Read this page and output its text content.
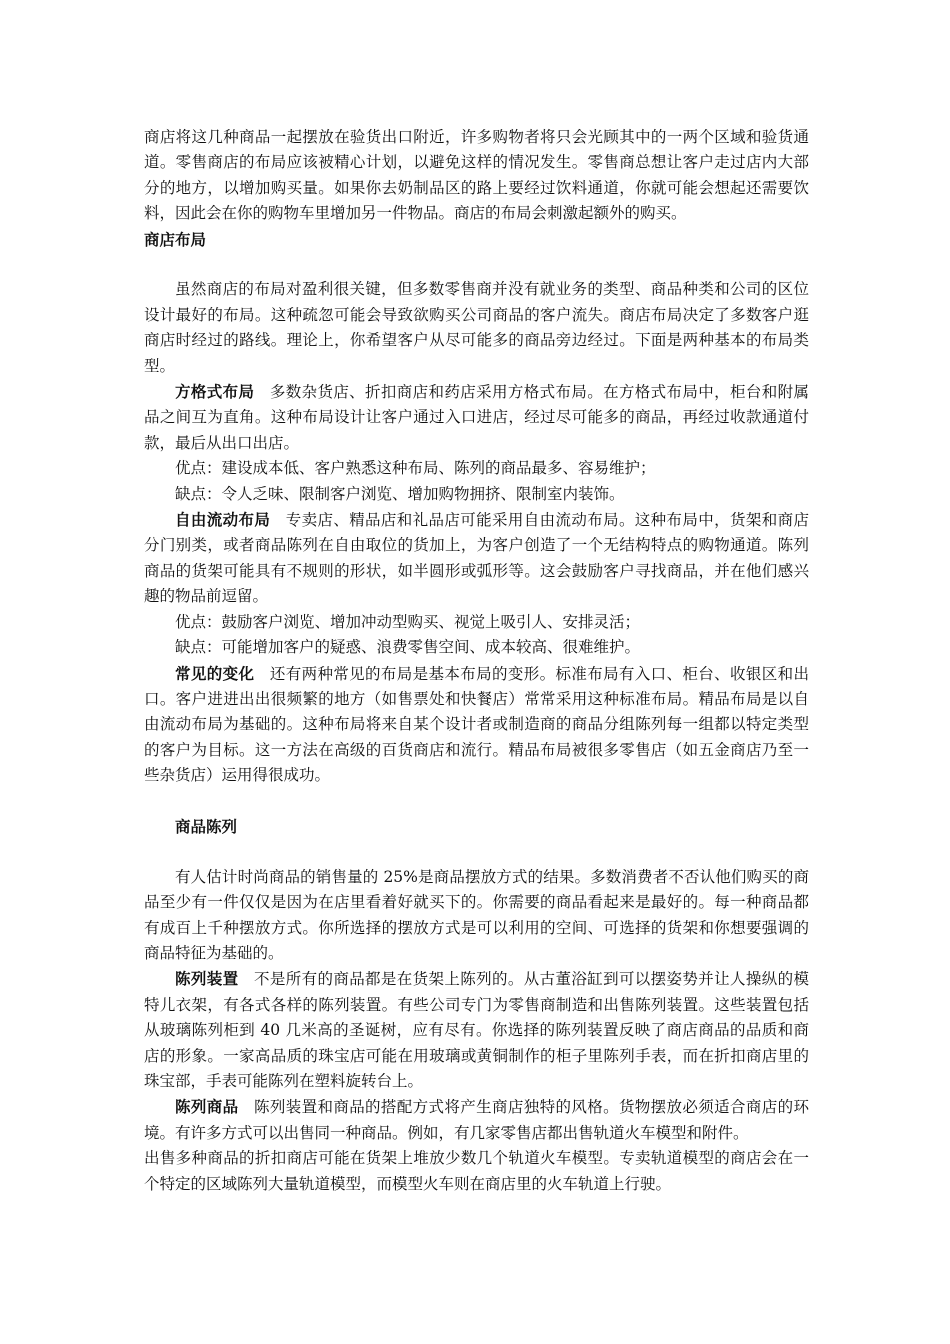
商店将这几种商品一起摆放在验货出口附近，许多购物者将只会光顾其中的一两个区域和验货通道。零售商店的布局应该被精心计划，以避免这样的情况发生。零售商总想让客户走过店内大部分的地方，以增加购买量。如果你去奶制品区的路上要经过饮料通道，你就可能会想起还需要饮料，因此会在你的购物车里增加另一件物品。商店的布局会刺激起额外的购买。

商店布局

虽然商店的布局对盈利很关键，但多数零售商并没有就业务的类型、商品种类和公司的区位设计最好的布局。这种疏忽可能会导致欲购买公司商品的客户流失。商店布局决定了多数客户逛商店时经过的路线。理论上，你希望客户从尽可能多的商品旁边经过。下面是两种基本的布局类型。

方格式布局 多数杂货店、折扣商店和药店采用方格式布局。在方格式布局中，柜台和附属品之间互为直角。这种布局设计让客户通过入口进店，经过尽可能多的商品，再经过收款通道付款，最后从出口出店。

优点：建设成本低、客户熟悉这种布局、陈列的商品最多、容易维护；

缺点：令人乏味、限制客户浏览、增加购物拥挤、限制室内装饰。

自由流动布局 专卖店、精品店和礼品店可能采用自由流动布局。这种布局中，货架和商店分门别类，或者商品陈列在自由取位的货加上，为客户创造了一个无结构特点的购物通道。陈列商品的货架可能具有不规则的形状，如半圆形或弧形等。这会鼓励客户寻找商品，并在他们感兴趣的物品前逗留。

优点：鼓励客户浏览、增加冲动型购买、视觉上吸引人、安排灵活；

缺点：可能增加客户的疑惑、浪费零售空间、成本较高、很难维护。

常见的变化 还有两种常见的布局是基本布局的变形。标准布局有入口、柜台、收银区和出口。客户进进出出很频繁的地方（如售票处和快餐店）常常采用这种标准布局。精品布局是以自由流动布局为基础的。这种布局将来自某个设计者或制造商的商品分组陈列每一组都以特定类型的客户为目标。这一方法在高级的百货商店和流行。精品布局被很多零售店（如五金商店乃至一些杂货店）运用得很成功。

商品陈列

有人估计时尚商品的销售量的 25%是商品摆放方式的结果。多数消费者不否认他们购买的商品至少有一件仅仅是因为在店里看着好就买下的。你需要的商品看起来是最好的。每一种商品都有成百上千种摆放方式。你所选择的摆放方式是可以利用的空间、可选择的货架和你想要强调的商品特征为基础的。

陈列装置 不是所有的商品都是在货架上陈列的。从古董浴缸到可以摆姿势并让人操纵的模特儿衣架，有各式各样的陈列装置。有些公司专门为零售商制造和出售陈列装置。这些装置包括从玻璃陈列柜到 40 几米高的圣诞树，应有尽有。你选择的陈列装置反映了商店商品的品质和商店的形象。一家高品质的珠宝店可能在用玻璃或黄铜制作的柜子里陈列手表，而在折扣商店里的珠宝部，手表可能陈列在塑料旋转台上。

陈列商品 陈列装置和商品的搭配方式将产生商店独特的风格。货物摆放必须适合商店的环境。有许多方式可以出售同一种商品。例如，有几家零售店都出售轨道火车模型和附件。

出售多种商品的折扣商店可能在货架上堆放少数几个轨道火车模型。专卖轨道模型的商店会在一个特定的区域陈列大量轨道模型，而模型火车则在商店里的火车轨道上行驶。
